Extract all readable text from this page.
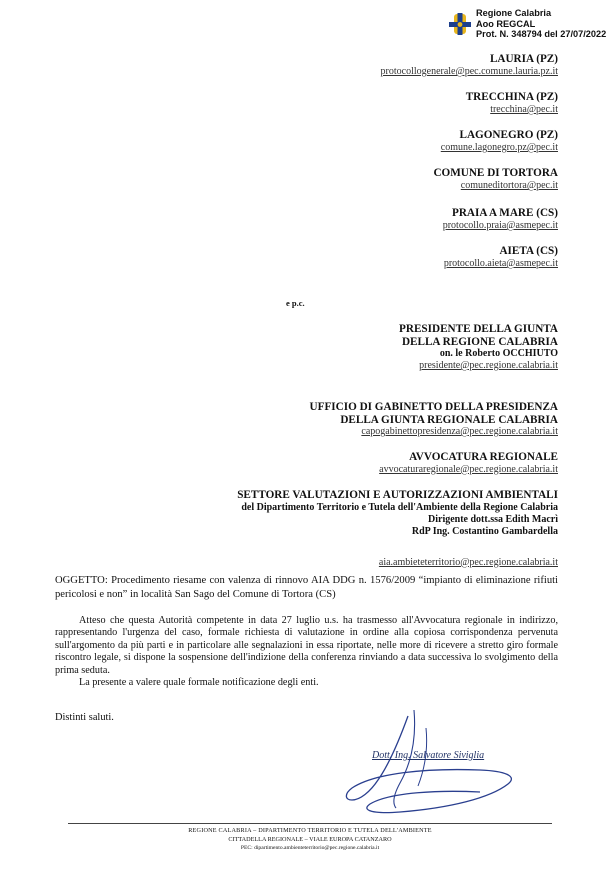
Regione Calabria
Aoo REGCAL
Prot. N. 348794 del 27/07/2022
LAURIA (PZ)
protocollogenerale@pec.comune.lauria.pz.it
TRECCHINA (PZ)
trecchina@pec.it
LAGONEGRO (PZ)
comune.lagonegro.pz@pec.it
COMUNE DI TORTORA
comuneditortora@pec.it
PRAIA A MARE (CS)
protocollo.praia@asmepec.it
AIETA (CS)
protocollo.aieta@asmepec.it
e p.c.
PRESIDENTE DELLA GIUNTA
DELLA REGIONE CALABRIA
on. le Roberto OCCHIUTO
presidente@pec.regione.calabria.it
UFFICIO DI GABINETTO DELLA PRESIDENZA
DELLA GIUNTA REGIONALE CALABRIA
capogabinettopresidenza@pec.regione.calabria.it
AVVOCATURA REGIONALE
avvocaturaregionale@pec.regione.calabria.it
SETTORE VALUTAZIONI E AUTORIZZAZIONI AMBIENTALI
del Dipartimento Territorio e Tutela dell'Ambiente della Regione Calabria
Dirigente dott.ssa Edith Macrì
RdP Ing. Costantino Gambardella
aia.ambieteterritorio@pec.regione.calabria.it
OGGETTO: Procedimento riesame con valenza di rinnovo AIA DDG n. 1576/2009 “impianto di eliminazione rifiuti pericolosi e non” in località San Sago del Comune di Tortora (CS)

Atteso che questa Autorità competente in data 27 luglio u.s. ha trasmesso all'Avvocatura regionale in indirizzo, rappresentando l'urgenza del caso, formale richiesta di valutazione in ordine alla copiosa corrispondenza pervenuta sull'argomento da più parti e in particolare alle segnalazioni in essa riportate, nelle more di ricevere a stretto giro formale riscontro legale, si dispone la sospensione dell'indizione della conferenza rinviando a data successiva lo svolgimento della prima seduta.

La presente a valere quale formale notificazione degli enti.

Distinti saluti.
Dott. Ing. Salvatore Siviglia
REGIONE CALABRIA – DIPARTIMENTO TERRITORIO E TUTELA DELL'AMBIENTE
CITTADELLA REGIONALE – VIALE EUROPA CATANZARO
PEC: dipartimento.ambienteterritorio@pec.regione.calabria.it
